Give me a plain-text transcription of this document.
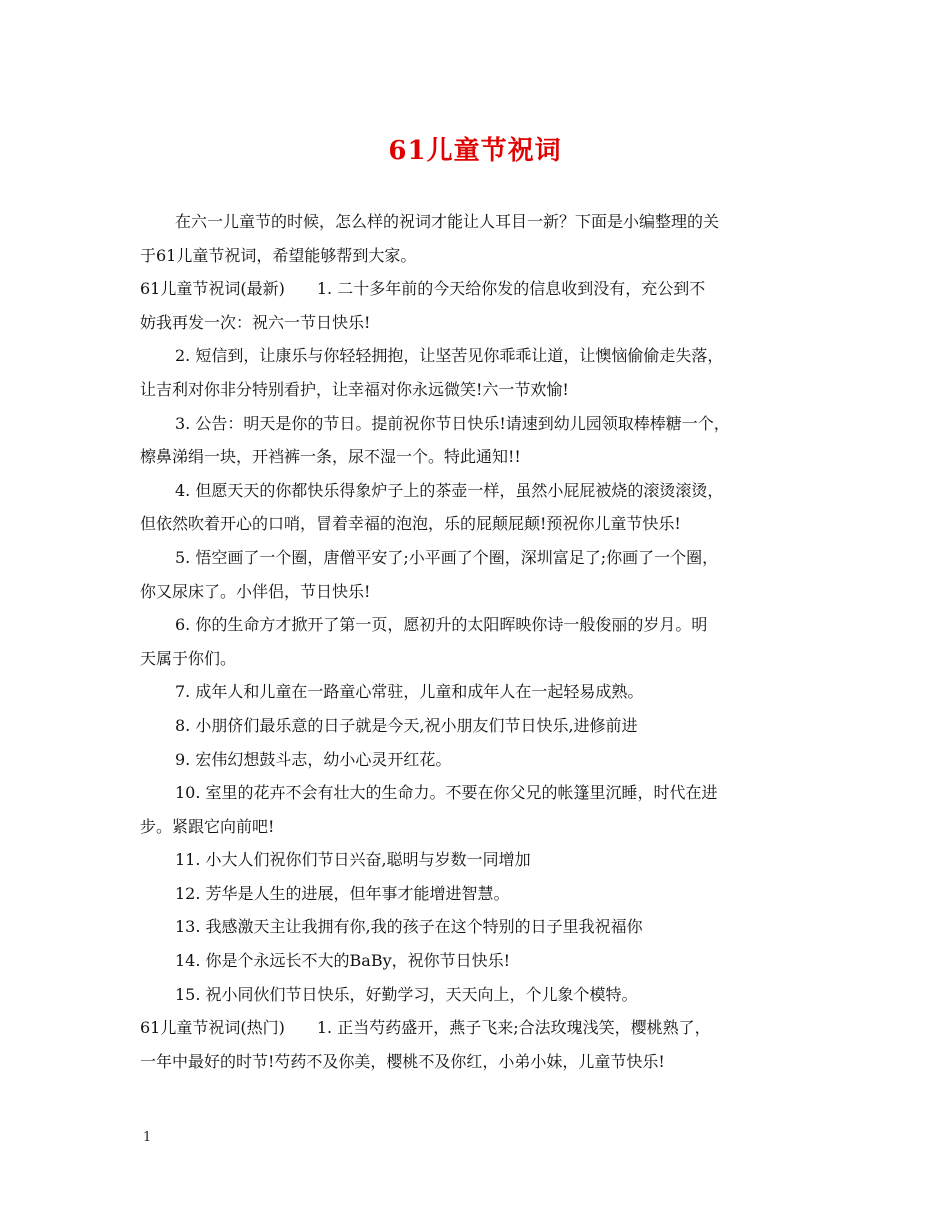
61儿童节祝词
在六一儿童节的时候，怎么样的祝词才能让人耳目一新？下面是小编整理的关
于61儿童节祝词，希望能够帮到大家。
61儿童节祝词(最新) 1. 二十多年前的今天给你发的信息收到没有，充公到不
妨我再发一次：祝六一节日快乐!
2. 短信到，让康乐与你轻轻拥抱，让坚苦见你乖乖让道，让懊恼偷偷走失落，
让吉利对你非分特别看护，让幸福对你永远微笑!六一节欢愉!
3. 公告：明天是你的节日。提前祝你节日快乐!请速到幼儿园领取棒棒糖一个，
檫鼻涕绢一块，开裆裤一条，尿不湿一个。特此通知!!
4. 但愿天天的你都快乐得象炉子上的茶壶一样，虽然小屁屁被烧的滚烫滚烫，
但依然吹着开心的口哨，冒着幸福的泡泡，乐的屁颠屁颠!预祝你儿童节快乐!
5. 悟空画了一个圈，唐僧平安了;小平画了个圈，深圳富足了;你画了一个圈，
你又尿床了。小伴侣，节日快乐!
6. 你的生命方才掀开了第一页，愿初升的太阳晖映你诗一般俊丽的岁月。明
天属于你们。
7. 成年人和儿童在一路童心常驻，儿童和成年人在一起轻易成熟。
8. 小朋侪们最乐意的日子就是今天,祝小朋友们节日快乐,进修前进
9. 宏伟幻想鼓斗志，幼小心灵开红花。
10. 室里的花卉不会有壮大的生命力。不要在你父兄的帐篷里沉睡，时代在进
步。紧跟它向前吧!
11. 小大人们祝你们节日兴奋,聪明与岁数一同增加
12. 芳华是人生的进展，但年事才能增进智慧。
13. 我感激天主让我拥有你,我的孩子在这个特别的日子里我祝福你
14. 你是个永远长不大的BaBy，祝你节日快乐!
15. 祝小同伙们节日快乐，好勤学习，天天向上，个儿象个模特。
61儿童节祝词(热门) 1. 正当芍药盛开，燕子飞来;合法玫瑰浅笑，樱桃熟了，
一年中最好的时节!芍药不及你美，樱桃不及你红，小弟小妹，儿童节快乐!
1
